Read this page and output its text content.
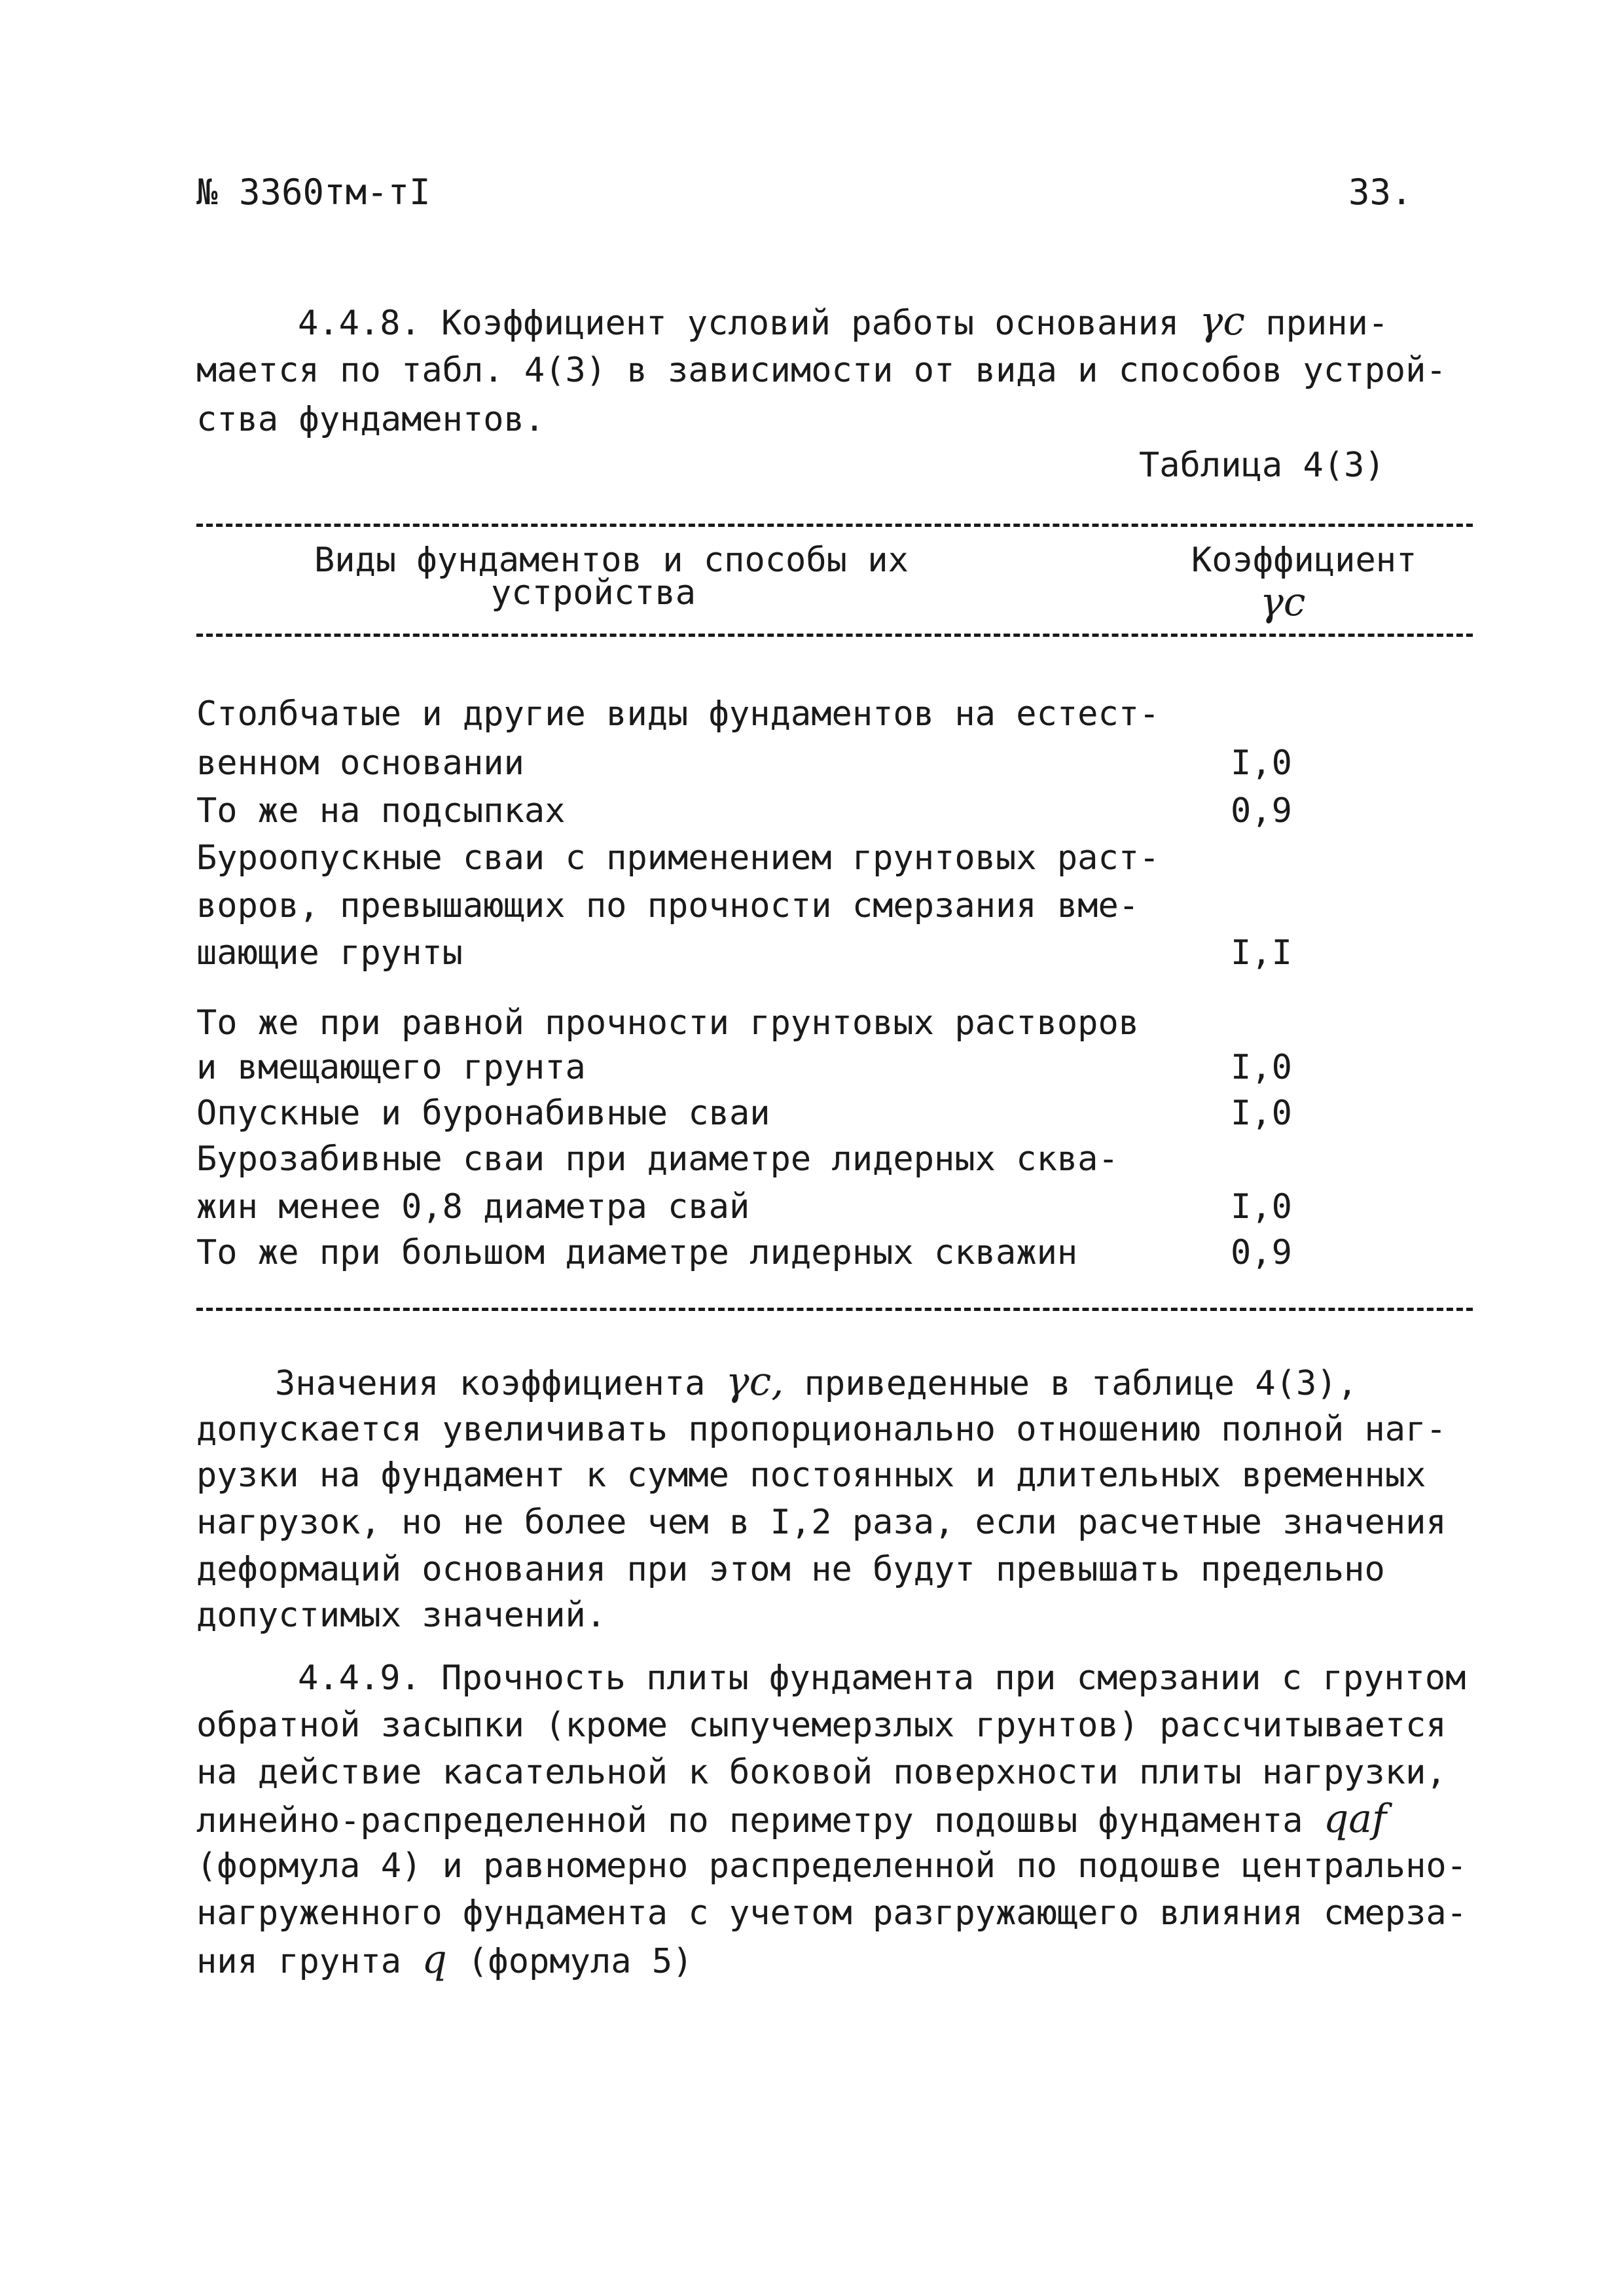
№ 3360тм-тI	33.
4.4.8. Коэффициент условий работы основания γc прини-
мается по табл. 4(3) в зависимости от вида и способов устрой-
ства фундаментов.
Таблица 4(3)
Виды фундаментов и способы их
устройства
Коэффициент
γc
Столбчатые и другие виды фундаментов на естест-
венном основании	I,0
То же на подсыпках	0,9
Буроопускные сваи с применением грунтовых раст-
воров, превышающих по прочности смерзания вме-
шающие грунты	I,I
То же при равной прочности грунтовых растворов
и вмещающего грунта	I,0
Опускные и буронабивные сваи	I,0
Бурозабивные сваи при диаметре лидерных сква-
жин менее 0,8 диаметра свай	I,0
То же при большом диаметре лидерных скважин	0,9
Значения коэффициента γc, приведенные в таблице 4(3),
допускается увеличивать пропорционально отношению полной наг-
рузки на фундамент к сумме постоянных и длительных временных
нагрузок, но не более чем в I,2 раза, если расчетные значения
деформаций основания при этом не будут превышать предельно
допустимых значений.
4.4.9. Прочность плиты фундамента при смерзании с грунтом
обратной засыпки (кроме сыпучемерзлых грунтов) рассчитывается
на действие касательной к боковой поверхности плиты нагрузки,
линейно-распределенной по периметру подошвы фундамента qaf
(формула 4) и равномерно распределенной по подошве центрально-
нагруженного фундамента с учетом разгружающего влияния смерза-
ния грунта q (формула 5)
